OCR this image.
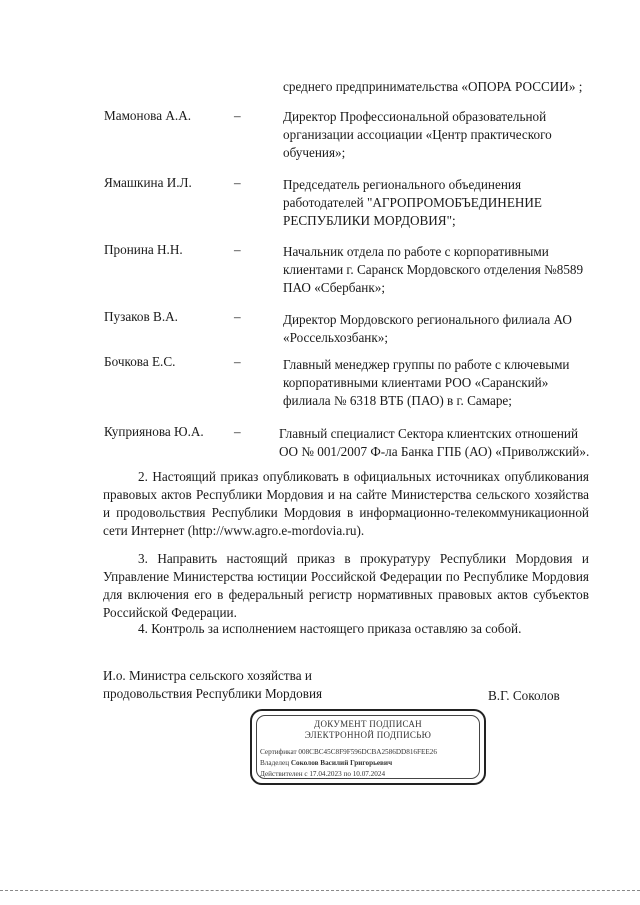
среднего предпринимательства «ОПОРА РОССИИ» ;
Мамонова А.А.	–	Директор Профессиональной образовательной
организации ассоциации «Центр практического
обучения»;
Ямашкина И.Л.	–	Председатель регионального объединения
работодателей "АГРОПРОМОБЪЕДИНЕНИЕ
РЕСПУБЛИКИ МОРДОВИЯ";
Пронина Н.Н.	–	Начальник отдела по работе с корпоративными
клиентами г. Саранск Мордовского отделения №8589
ПАО «Сбербанк»;
Пузаков В.А.	–	Директор Мордовского регионального филиала АО
«Россельхозбанк»;
Бочкова Е.С.	–	Главный менеджер группы по работе с ключевыми
корпоративными клиентами РОО «Саранский»
филиала № 6318 ВТБ (ПАО) в г. Самаре;
Куприянова Ю.А. –	Главный специалист Сектора клиентских отношений
ОО № 001/2007 Ф-ла Банка ГПБ (АО) «Приволжский».
2. Настоящий приказ опубликовать в официальных источниках опубликования правовых актов Республики Мордовия и на сайте Министерства сельского хозяйства и продовольствия Республики Мордовия в информационно-телекоммуникационной сети Интернет (http://www.agro.e-mordovia.ru).
3. Направить настоящий приказ в прокуратуру Республики Мордовия и Управление Министерства юстиции Российской Федерации по Республике Мордовия для включения его в федеральный регистр нормативных правовых актов субъектов Российской Федерации.
4. Контроль за исполнением настоящего приказа оставляю за собой.
И.о. Министра сельского хозяйства и продовольствия Республики Мордовия	В.Г. Соколов
ДОКУМЕНТ ПОДПИСАН
ЭЛЕКТРОННОЙ ПОДПИСЬЮ
Сертификат 008CBC45C8F9F596DCBA2586DD816FEE26
Владелец Соколов Василий Григорьевич
Действителен с 17.04.2023 по 10.07.2024
